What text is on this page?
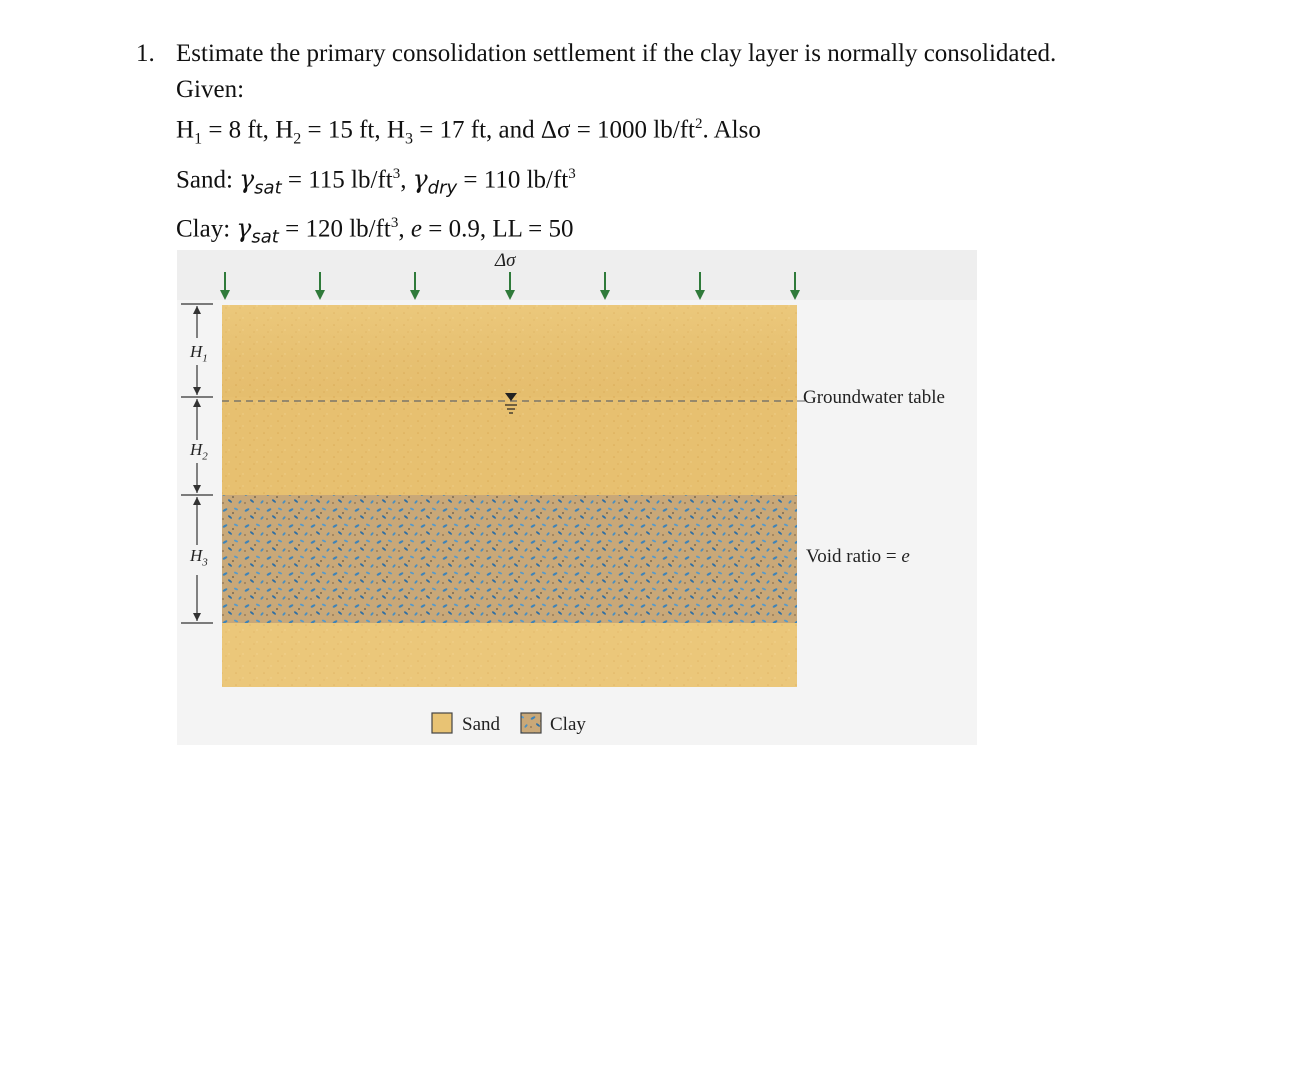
1. Estimate the primary consolidation settlement if the clay layer is normally consolidated.
Given:
$H_1 = 8$ ft, $H_2 = 15$ ft, $H_3 = 17$ ft, and Δσ = 1000 $lb/ft^2$. Also
Sand: $\gamma_{sat} = 115$ $lb/ft^3$, $\gamma_{dry} = 110$ $lb/ft^3$
Clay: $\gamma_{sat} = 120$ $lb/ft^3$, e = 0.9, LL = 50
Δσ
$H_1$
$H_2$
$H_3$
Groundwater table
Void ratio = e
Sand	Clay
